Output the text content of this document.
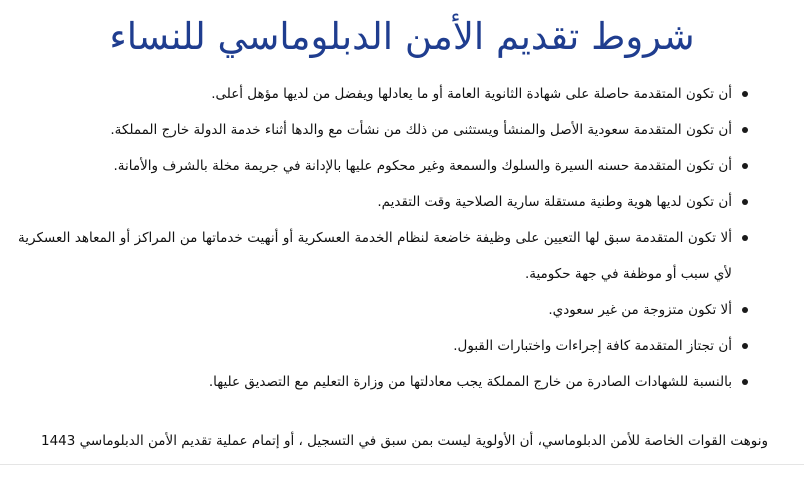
شروط تقديم الأمن الدبلوماسي للنساء
أن تكون المتقدمة حاصلة على شهادة الثانوية العامة أو ما يعادلها ويفضل من لديها مؤهل أعلى.
أن تكون المتقدمة سعودية الأصل والمنشأ ويستثنى من ذلك من نشأت مع والدها أثناء خدمة الدولة خارج المملكة.
أن تكون المتقدمة حسنه السيرة والسلوك والسمعة وغير محكوم عليها بالإدانة في جريمة مخلة بالشرف والأمانة.
أن تكون لديها هوية وطنية مستقلة سارية الصلاحية وقت التقديم.
ألا تكون المتقدمة سبق لها التعيين على وظيفة خاضعة لنظام الخدمة العسكرية أو أنهيت خدماتها من المراكز أو المعاهد العسكرية لأي سبب أو موظفة في جهة حكومية.
ألا تكون متزوجة من غير سعودي.
أن تجتاز المتقدمة كافة إجراءات واختبارات القبول.
بالنسبة للشهادات الصادرة من خارج المملكة يجب معادلتها من وزارة التعليم مع التصديق عليها.
ونوهت القوات الخاصة للأمن الدبلوماسي، أن الأولوية ليست بمن سبق في التسجيل ، أو إتمام عملية تقديم الأمن الدبلوماسي 1443
